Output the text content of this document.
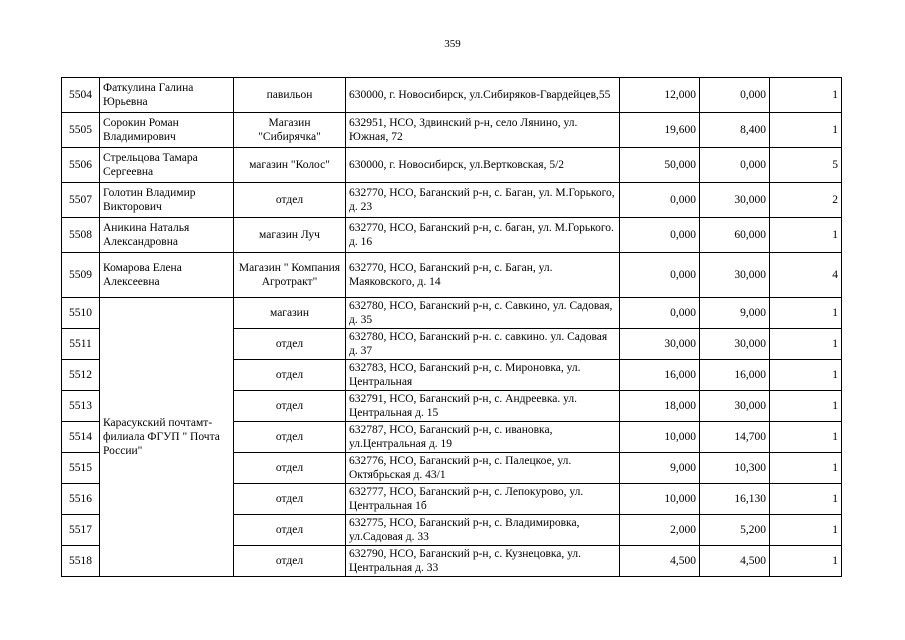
359
5504	Фаткулина Галина Юрьевна	павильон	630000, г. Новосибирск, ул.Сибиряков-Гвардейцев,55	12,000	0,000	1
5505	Сорокин Роман Владимирович	Магазин "Сибирячка"	632951, НСО, Здвинский р-н, село Лянино, ул. Южная, 72	19,600	8,400	1
5506	Стрельцова Тамара Сергеевна	магазин "Колос"	630000, г. Новосибирск, ул.Вертковская, 5/2	50,000	0,000	5
5507	Голотин Владимир Викторович	отдел	632770, НСО, Баганский р-н, с. Баган, ул. М.Горького, д. 23	0,000	30,000	2
5508	Аникина Наталья Александровна	магазин Луч	632770, НСО, Баганский р-н, с. баган, ул. М.Горького. д. 16	0,000	60,000	1
5509	Комарова Елена Алексеевна	Магазин " Компания Агротракт"	632770, НСО, Баганский р-н, с. Баган, ул. Маяковского, д. 14	0,000	30,000	4
5510	Карасукский почтамт- филиала ФГУП " Почта России"	магазин	632780, НСО, Баганский р-н, с. Савкино, ул. Садовая, д. 35	0,000	9,000	1
5511		отдел	632780, НСО, Баганский р-н. с. савкино. ул. Садовая д. 37	30,000	30,000	1
5512		отдел	632783, НСО, Баганский р-н, с. Мироновка, ул. Центральная	16,000	16,000	1
5513		отдел	632791, НСО, Баганский р-н, с. Андреевка. ул. Центральная д. 15	18,000	30,000	1
5514		отдел	632787, НСО, Баганский р-н, с. ивановка, ул.Центральная д. 19	10,000	14,700	1
5515		отдел	632776, НСО, Баганский р-н, с. Палецкое, ул. Октябрьская д. 43/1	9,000	10,300	1
5516		отдел	632777, НСО, Баганский р-н, с. Лепокурово, ул. Центральная 1б	10,000	16,130	1
5517		отдел	632775, НСО, Баганский р-н, с. Владимировка, ул.Садовая д. 33	2,000	5,200	1
5518		отдел	632790, НСО, Баганский р-н, с. Кузнецовка, ул. Центральная д. 33	4,500	4,500	1
